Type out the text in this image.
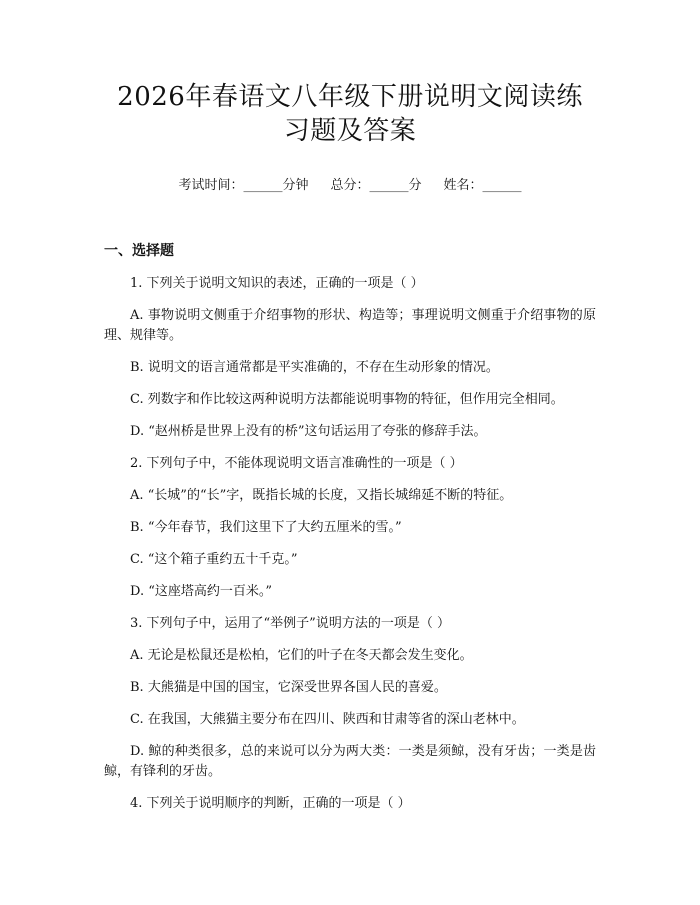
2026年春语文八年级下册说明文阅读练习题及答案
考试时间：______分钟 总分：______分 姓名：______
一、选择题

1. 下列关于说明文知识的表述，正确的一项是（ ）

A. 事物说明文侧重于介绍事物的形状、构造等；事理说明文侧重于介绍事物的原理、规律等。

B. 说明文的语言通常都是平实准确的，不存在生动形象的情况。

C. 列数字和作比较这两种说明方法都能说明事物的特征，但作用完全相同。

D. “赵州桥是世界上没有的桥”这句话运用了夸张的修辞手法。

2. 下列句子中，不能体现说明文语言准确性的一项是（ ）

A. “长城”的“长”字，既指长城的长度，又指长城绵延不断的特征。

B. “今年春节，我们这里下了大约五厘米的雪。”

C. “这个箱子重约五十千克。”

D. “这座塔高约一百米。”

3. 下列句子中，运用了“举例子”说明方法的一项是（ ）

A. 无论是松鼠还是松柏，它们的叶子在冬天都会发生变化。

B. 大熊猫是中国的国宝，它深受世界各国人民的喜爱。

C. 在我国，大熊猫主要分布在四川、陕西和甘肃等省的深山老林中。

D. 鲸的种类很多，总的来说可以分为两大类：一类是须鲸，没有牙齿；一类是齿鲸，有锋利的牙齿。

4. 下列关于说明顺序的判断，正确的一项是（ ）
